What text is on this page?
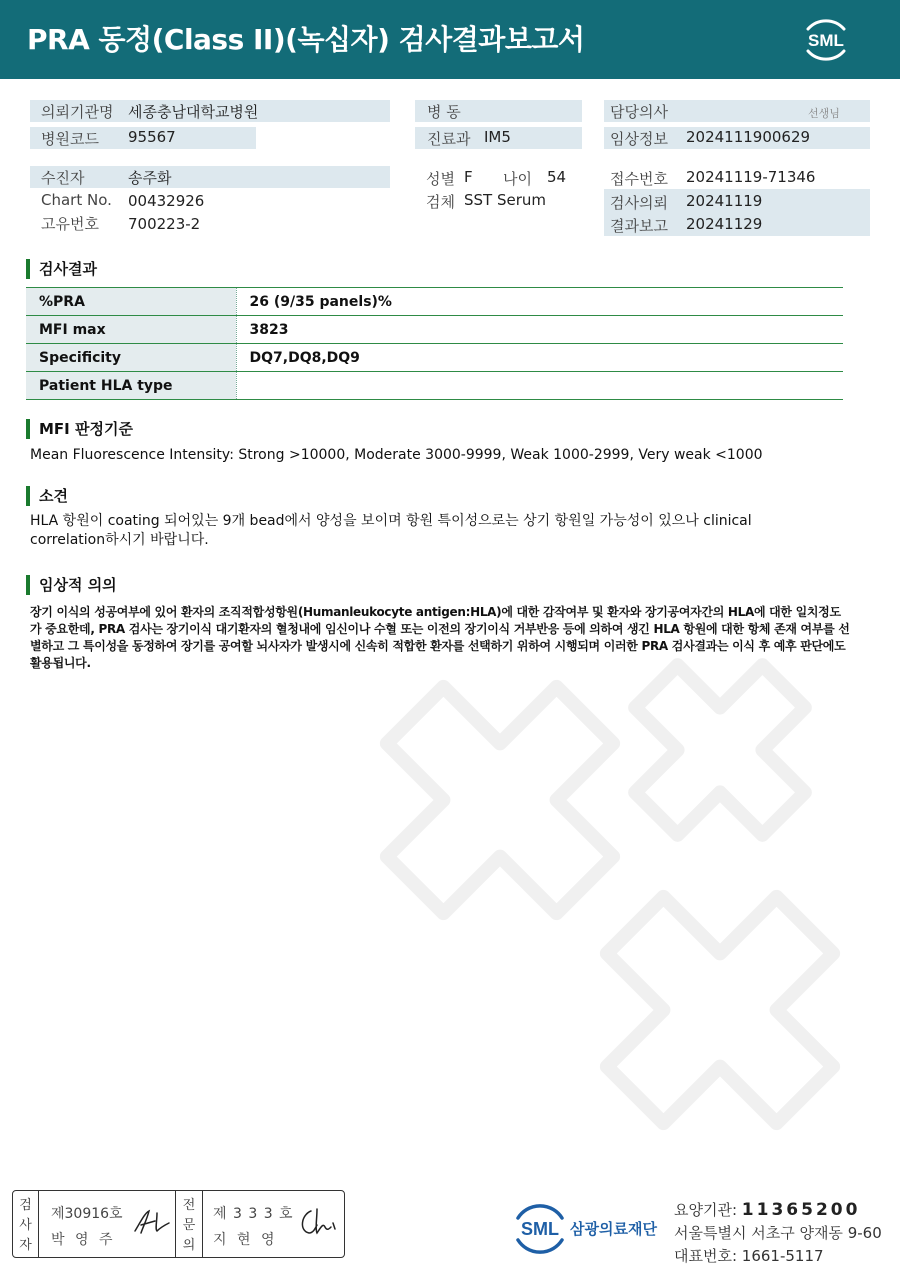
PRA 동정(Class II)(녹십자) 검사결과보고서	SML
의뢰기관명 세종충남대학교병원
병원코드 95567
병 동
진료과 IM5
담당의사	선생님
임상정보 2024111900629
수진자	송주화
Chart No. 00432926
고유번호 700223-2
성별 F 나이 54
검체 SST Serum
접수번호 20241119-71346
검사의뢰 20241119
결과보고 20241129
검사결과
%PRA	26 (9/35 panels)%
MFI max	3823
Specificity	DQ7,DQ8,DQ9
Patient HLA type	
MFI 판정기준
Mean Fluorescence Intensity: Strong >10000, Moderate 3000-9999, Weak 1000-2999, Very weak <1000
소견
HLA 항원이 coating 되어있는 9개 bead에서 양성을 보이며 항원 특이성으로는 상기 항원일 가능성이 있으나 clinical correlation하시기 바랍니다.
임상적 의의
장기 이식의 성공여부에 있어 환자의 조직적합성항원(Humanleukocyte antigen:HLA)에 대한 감작여부 및 환자와 장기공여자간의 HLA에 대한 일치정도가 중요한데, PRA 검사는 장기이식 대기환자의 혈청내에 임신이나 수혈 또는 이전의 장기이식 거부반응 등에 의하여 생긴 HLA 항원에 대한 항체 존재 여부를 선별하고 그 특이성을 동정하여 장기를 공여할 뇌사자가 발생시에 신속히 적합한 환자를 선택하기 위하여 시행되며 이러한 PRA 검사결과는 이식 후 예후 판단에도 활용됩니다.
검사자
제30916호
박 영 주
전문의
제 3 3 3 호
지 현 영
SML 삼광의료재단
요양기관: 11365200
서울특별시 서초구 양재동 9-60
대표번호: 1661-5117
